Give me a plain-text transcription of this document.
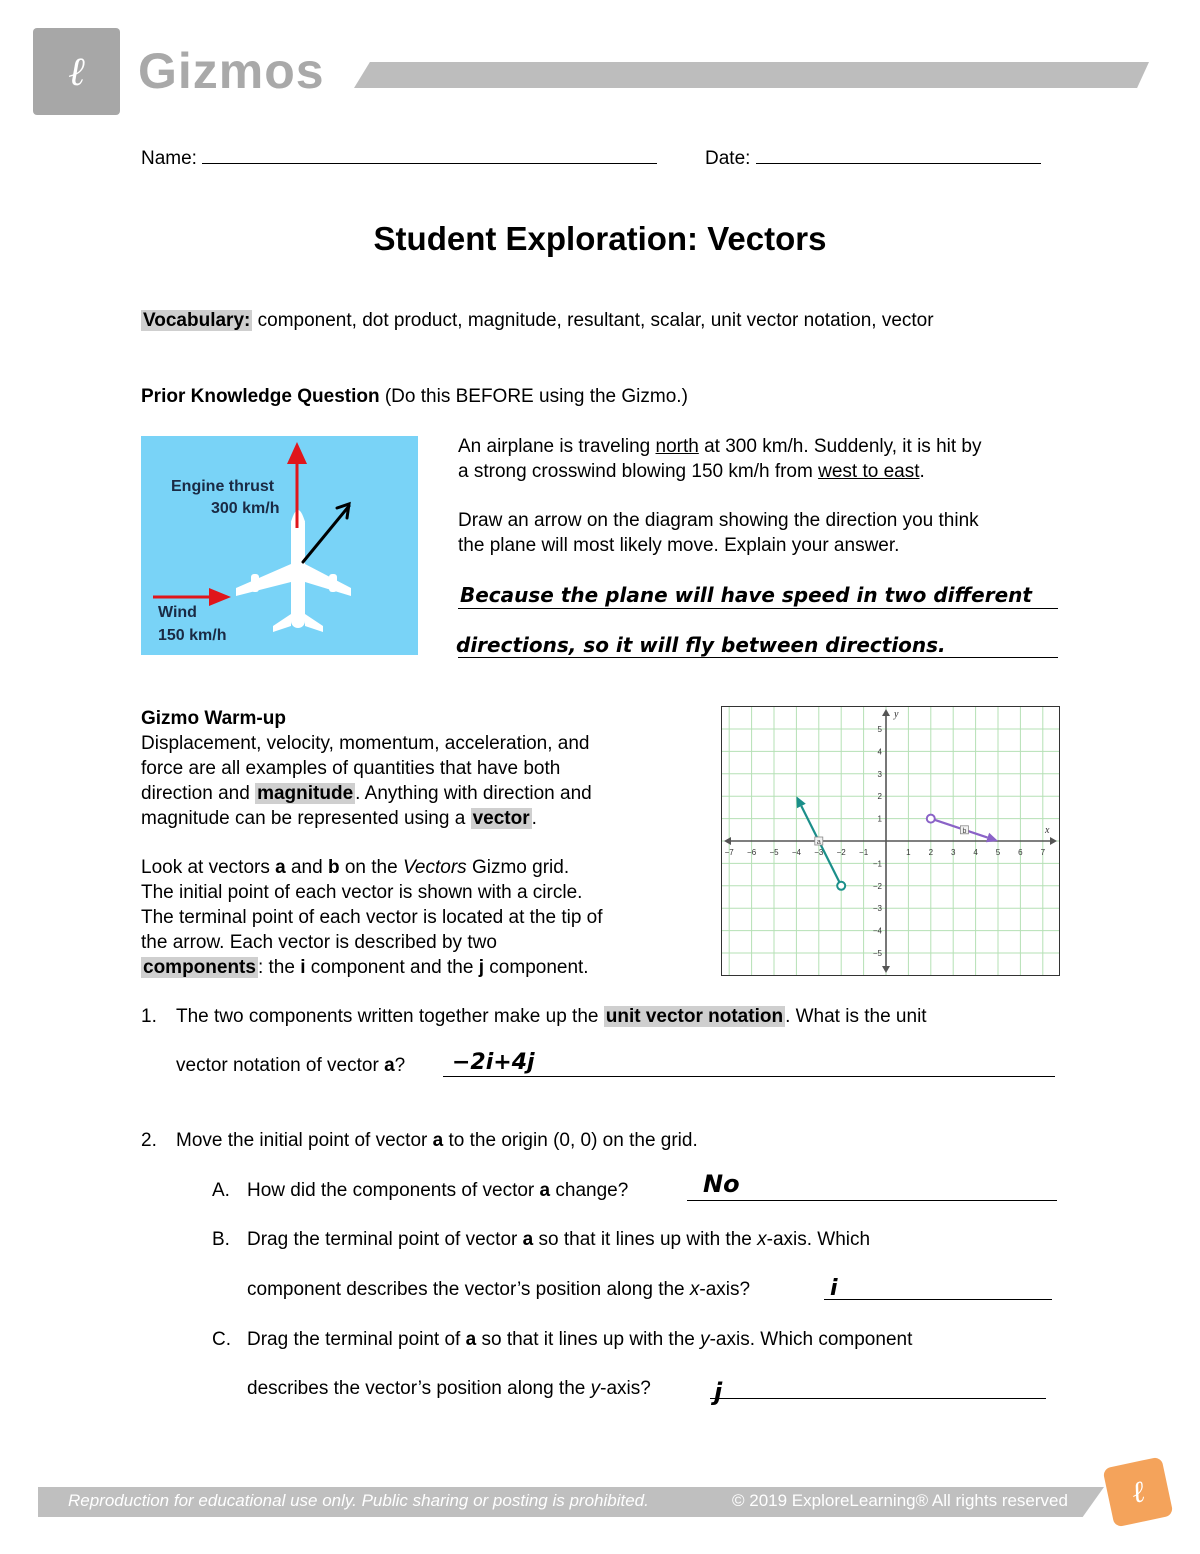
ℓ Gizmos
Name:	Date:
Student Exploration: Vectors
Vocabulary: component, dot product, magnitude, resultant, scalar, unit vector notation, vector
Prior Knowledge Question (Do this BEFORE using the Gizmo.)
Engine thrust
300 km/h
Wind
150 km/h
An airplane is traveling north at 300 km/h. Suddenly, it is hit by
a strong crosswind blowing 150 km/h from west to east.
Draw an arrow on the diagram showing the direction you think
the plane will most likely move. Explain your answer.
Because the plane will have speed in two different
directions, so it will fly between directions.
Gizmo Warm-up
Displacement, velocity, momentum, acceleration, and
force are all examples of quantities that have both
direction and magnitude . Anything with direction and
magnitude can be represented using a vector .
Look at vectors a and b on the Vectors Gizmo grid.
The initial point of each vector is shown with a circle.
The terminal point of each vector is located at the tip of
the arrow. Each vector is described by two
components : the i component and the j component.
−7 −6 −5 −4 −3 −2 −1	1 2 3 4 5 6 7
5
4
3
2
1
−1
−2
−3
−4
−5
x
y
a
b
1. The two components written together make up the unit vector notation . What is the unit
vector notation of vector a? −2i+4j
2. Move the initial point of vector a to the origin (0, 0) on the grid.
A. How did the components of vector a change?	No
B. Drag the terminal point of vector a so that it lines up with the x-axis. Which
component describes the vector’s position along the x-axis?	i
C. Drag the terminal point of a so that it lines up with the y-axis. Which component
describes the vector’s position along the y-axis?	j
Reproduction for educational use only. Public sharing or posting is prohibited.	© 2019 ExploreLearning® All rights reserved ℓ
